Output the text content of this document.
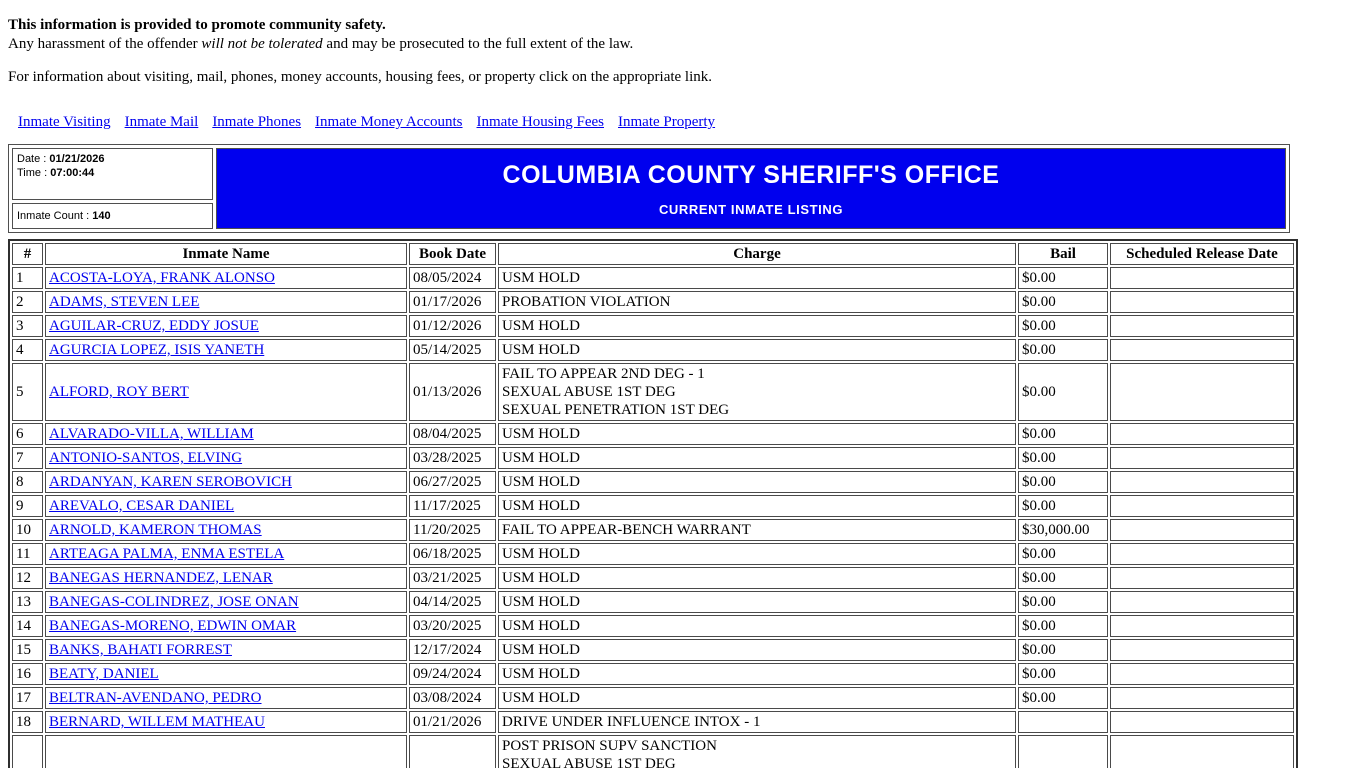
This information is provided to promote community safety.
Any harassment of the offender will not be tolerated and may be prosecuted to the full extent of the law.

For information about visiting, mail, phones, money accounts, housing fees, or property click on the appropriate link.

Inmate Visiting Inmate Mail Inmate Phones Inmate Money Accounts Inmate Housing Fees Inmate Property
Date : 01/21/2026
Time : 07:00:44	COLUMBIA COUNTY SHERIFF'S OFFICE
CURRENT INMATE LISTING

Inmate Count : 140
#	Inmate Name	Book Date	Charge	Bail	Scheduled Release Date
1	ACOSTA-LOYA, FRANK ALONSO	08/05/2024	USM HOLD	$0.00	
2	ADAMS, STEVEN LEE	01/17/2026	PROBATION VIOLATION	$0.00	
3	AGUILAR-CRUZ, EDDY JOSUE	01/12/2026	USM HOLD	$0.00	
4	AGURCIA LOPEZ, ISIS YANETH	05/14/2025	USM HOLD	$0.00	
5	ALFORD, ROY BERT	01/13/2026	FAIL TO APPEAR 2ND DEG - 1
SEXUAL ABUSE 1ST DEG
SEXUAL PENETRATION 1ST DEG	$0.00	
6	ALVARADO-VILLA, WILLIAM	08/04/2025	USM HOLD	$0.00	
7	ANTONIO-SANTOS, ELVING	03/28/2025	USM HOLD	$0.00	
8	ARDANYAN, KAREN SEROBOVICH	06/27/2025	USM HOLD	$0.00	
9	AREVALO, CESAR DANIEL	11/17/2025	USM HOLD	$0.00	
10	ARNOLD, KAMERON THOMAS	11/20/2025	FAIL TO APPEAR-BENCH WARRANT	$30,000.00	
11	ARTEAGA PALMA, ENMA ESTELA	06/18/2025	USM HOLD	$0.00	
12	BANEGAS HERNANDEZ, LENAR	03/21/2025	USM HOLD	$0.00	
13	BANEGAS-COLINDREZ, JOSE ONAN	04/14/2025	USM HOLD	$0.00	
14	BANEGAS-MORENO, EDWIN OMAR	03/20/2025	USM HOLD	$0.00	
15	BANKS, BAHATI FORREST	12/17/2024	USM HOLD	$0.00	
16	BEATY, DANIEL	09/24/2024	USM HOLD	$0.00	
17	BELTRAN-AVENDANO, PEDRO	03/08/2024	USM HOLD	$0.00	
18	BERNARD, WILLEM MATHEAU	01/21/2026	DRIVE UNDER INFLUENCE INTOX - 1		

			POST PRISON SUPV SANCTION
SEXUAL ABUSE 1ST DEG		
